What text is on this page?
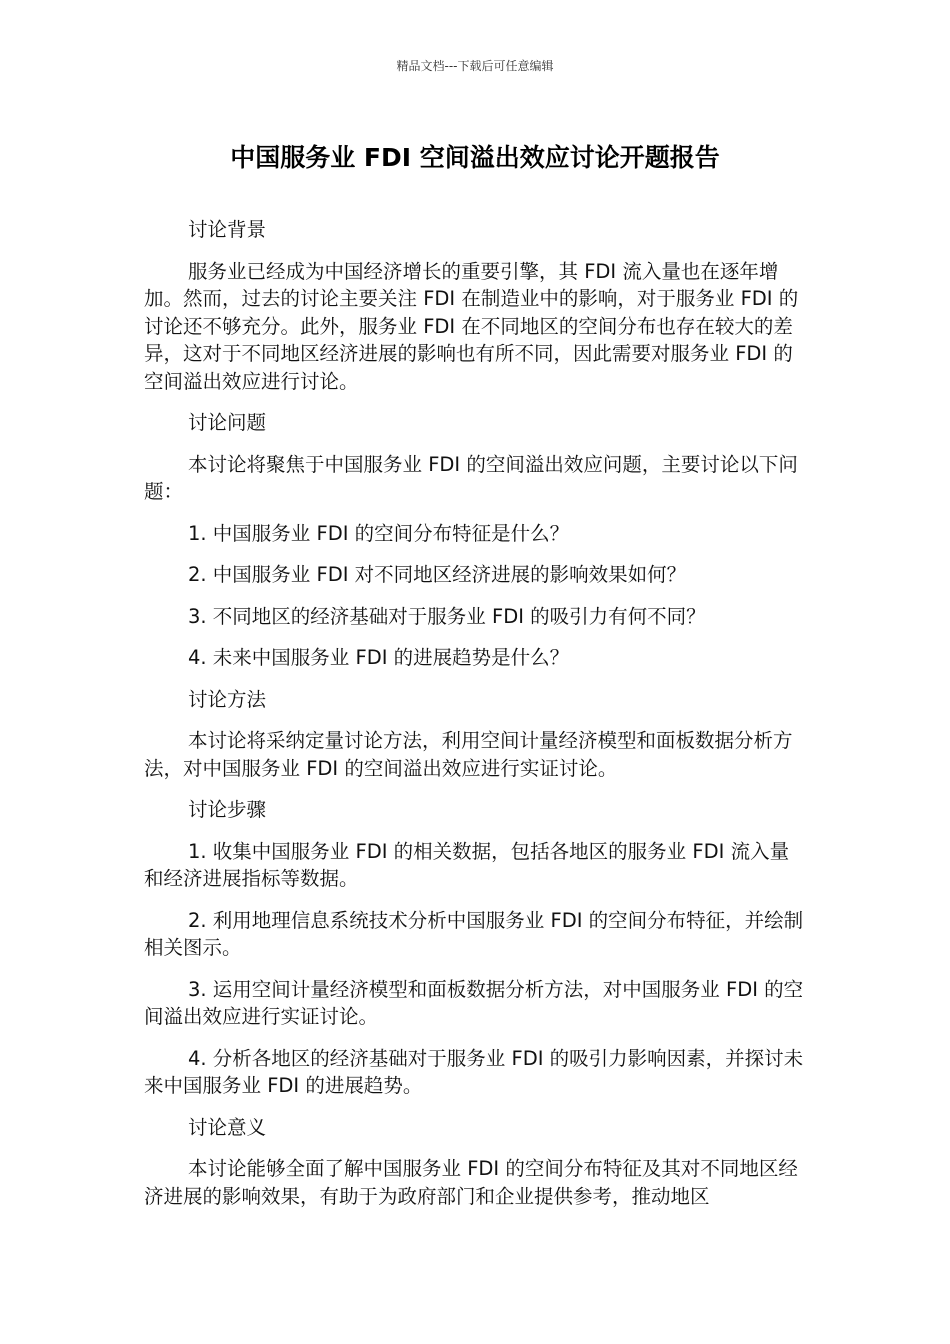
精品文档---下载后可任意编辑
中国服务业 FDI 空间溢出效应讨论开题报告

讨论背景

服务业已经成为中国经济增长的重要引擎，其 FDI 流入量也在逐年增加。然而，过去的讨论主要关注 FDI 在制造业中的影响，对于服务业 FDI 的讨论还不够充分。此外，服务业 FDI 在不同地区的空间分布也存在较大的差异，这对于不同地区经济进展的影响也有所不同，因此需要对服务业 FDI 的空间溢出效应进行讨论。

讨论问题

本讨论将聚焦于中国服务业 FDI 的空间溢出效应问题，主要讨论以下问题：

1. 中国服务业 FDI 的空间分布特征是什么？

2. 中国服务业 FDI 对不同地区经济进展的影响效果如何？

3. 不同地区的经济基础对于服务业 FDI 的吸引力有何不同？

4. 未来中国服务业 FDI 的进展趋势是什么？

讨论方法

本讨论将采纳定量讨论方法，利用空间计量经济模型和面板数据分析方法，对中国服务业 FDI 的空间溢出效应进行实证讨论。

讨论步骤

1. 收集中国服务业 FDI 的相关数据，包括各地区的服务业 FDI 流入量和经济进展指标等数据。

2. 利用地理信息系统技术分析中国服务业 FDI 的空间分布特征，并绘制相关图示。

3. 运用空间计量经济模型和面板数据分析方法，对中国服务业 FDI 的空间溢出效应进行实证讨论。

4. 分析各地区的经济基础对于服务业 FDI 的吸引力影响因素，并探讨未来中国服务业 FDI 的进展趋势。

讨论意义

本讨论能够全面了解中国服务业 FDI 的空间分布特征及其对不同地区经济进展的影响效果，有助于为政府部门和企业提供参考，推动地区
